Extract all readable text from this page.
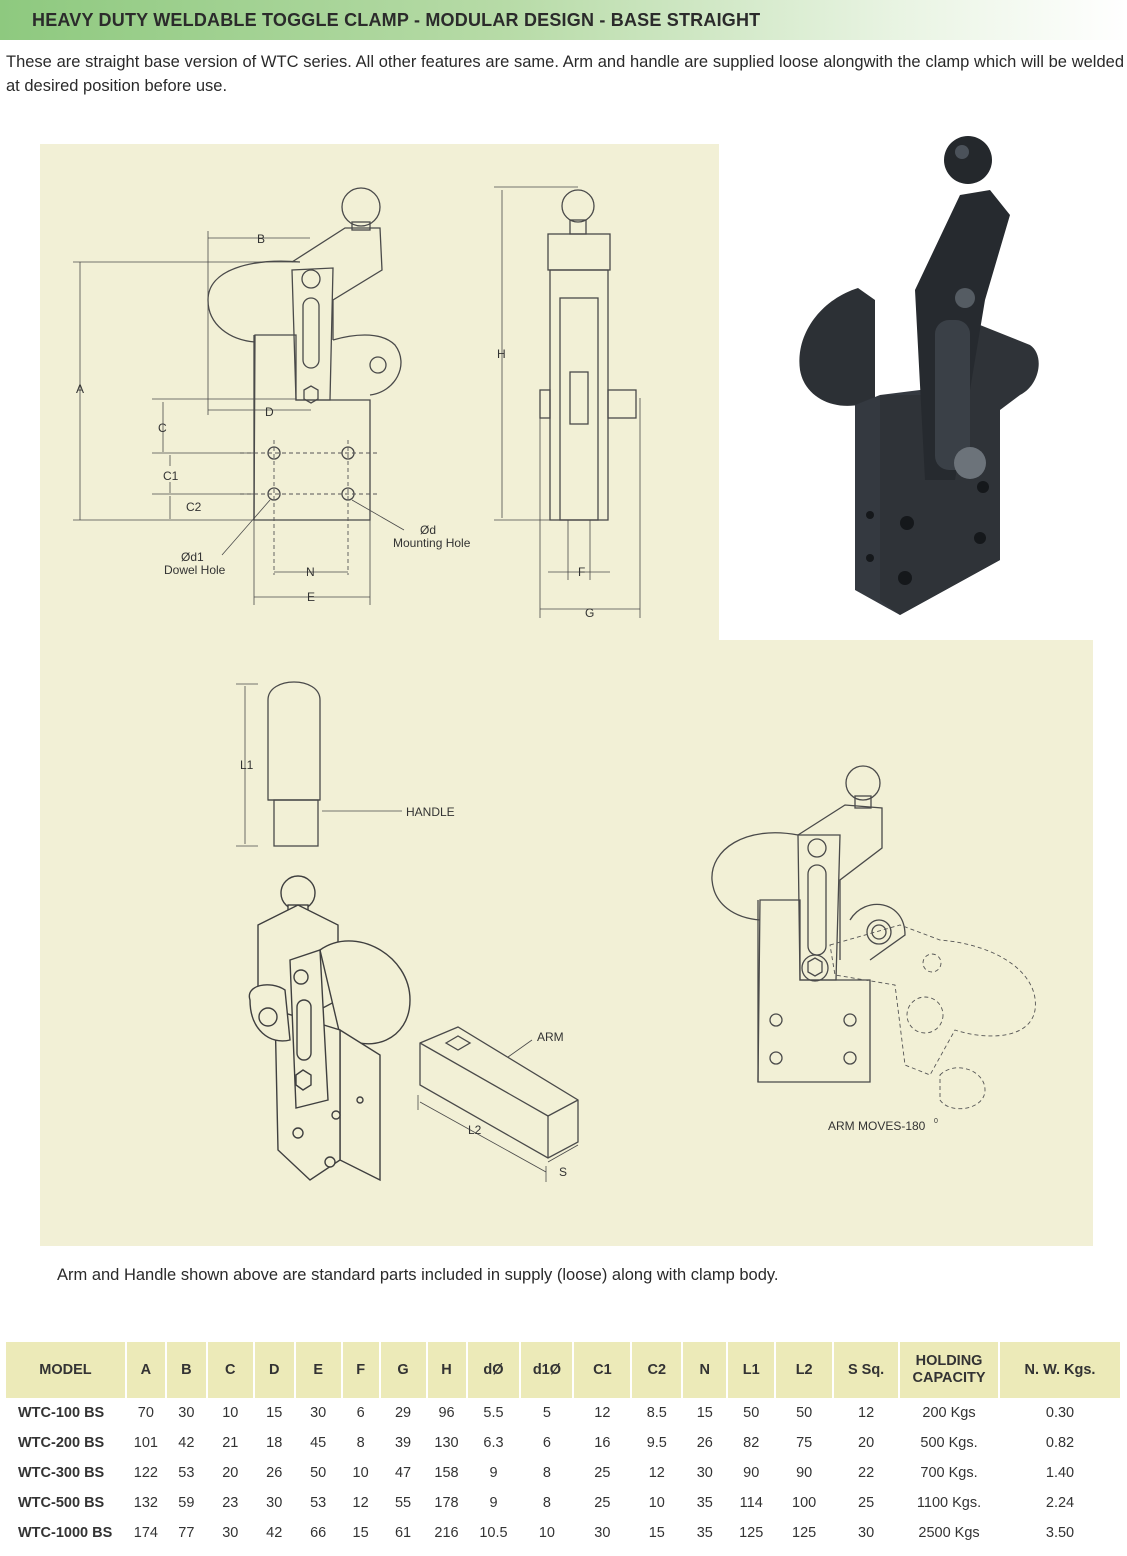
HEAVY DUTY WELDABLE TOGGLE CLAMP - MODULAR DESIGN - BASE STRAIGHT
These are straight base version of WTC series. All other features are same. Arm and handle are supplied loose alongwith the clamp which will be welded at desired position before use.
B
A
D
C
C1
C2
Ød
Mounting Hole
Ød1
Dowel Hole	N
E
H
F
G
L1
HANDLE
ARM
L2
S
ARM MOVES-180 0
Arm and Handle shown above are standard parts included in supply (loose) along with clamp body.
MODEL	A	B	C	D	E	F	G	H	dØ	d1Ø	C1	C2	N	L1	L2	S Sq.	HOLDING CAPACITY	N. W. Kgs.
WTC-100 BS	70	30	10	15	30	6	29	96	5.5	5	12	8.5	15	50	50	12	200 Kgs	0.30
WTC-200 BS	101	42	21	18	45	8	39	130	6.3	6	16	9.5	26	82	75	20	500 Kgs.	0.82
WTC-300 BS	122	53	20	26	50	10	47	158	9	8	25	12	30	90	90	22	700 Kgs.	1.40
WTC-500 BS	132	59	23	30	53	12	55	178	9	8	25	10	35	114	100	25	1100 Kgs.	2.24
WTC-1000 BS	174	77	30	42	66	15	61	216	10.5	10	30	15	35	125	125	30	2500 Kgs	3.50
